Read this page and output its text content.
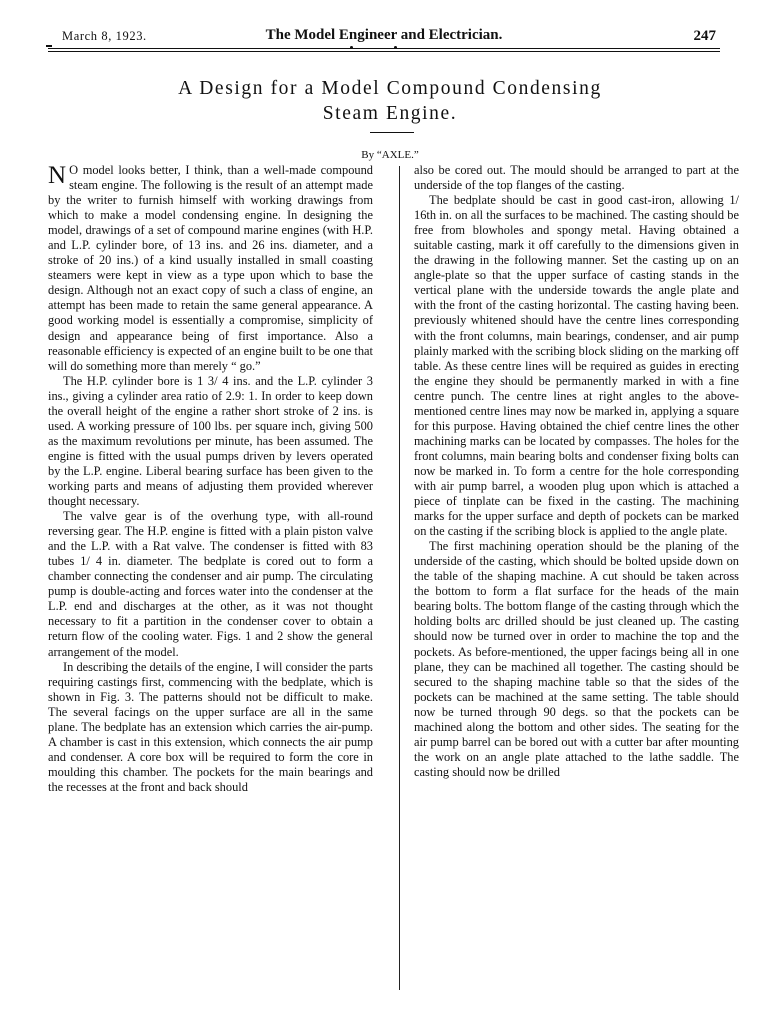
March 8, 1923.	The Model Engineer and Electrician.	247
A Design for a Model Compound Condensing
Steam Engine.
By “AXLE.”

N O model looks better, I think, than a well-made compound steam engine. The following is the result of an attempt made by the writer to furnish himself with working drawings from which to make a model condensing engine. In designing the model, drawings of a set of compound marine engines (with H.P. and L.P. cylinder bore, of 13 ins. and 26 ins. diameter, and a stroke of 20 ins.) of a kind usually installed in small coasting steamers were kept in view as a type upon which to base the design. Although not an exact copy of such a class of engine, an attempt has been made to retain the same general appearance. A good working model is essentially a compromise, simplicity of design and appearance being of first importance. Also a reasonable efficiency is expected of an engine built to be one that will do something more than merely “ go.”

The H.P. cylinder bore is 1 3/ 4 ins. and the L.P. cylinder 3 ins., giving a cylinder area ratio of 2.9: 1. In order to keep down the overall height of the engine a rather short stroke of 2 ins. is used. A working pressure of 100 lbs. per square inch, giving 500 as the maximum revolutions per minute, has been assumed. The engine is fitted with the usual pumps driven by levers operated by the L.P. engine. Liberal bearing surface has been given to the working parts and means of adjusting them provided wherever thought necessary.

The valve gear is of the overhung type, with all-round reversing gear. The H.P. engine is fitted with a plain piston valve and the L.P. with a Rat valve. The condenser is fitted with 83 tubes 1/ 4 in. diameter. The bedplate is cored out to form a chamber connecting the condenser and air pump. The circulating pump is double-acting and forces water into the condenser at the L.P. end and discharges at the other, as it was not thought necessary to fit a partition in the condenser cover to obtain a return flow of the cooling water. Figs. 1 and 2 show the general arrangement of the model.

In describing the details of the engine, I will consider the parts requiring castings first, commencing with the bedplate, which is shown in Fig. 3. The patterns should not be difficult to make. The several facings on the upper surface are all in the same plane. The bedplate has an extension which carries the air-pump. A chamber is cast in this extension, which connects the air pump and condenser. A core box will be required to form the core in moulding this chamber. The pockets for the main bearings and the recesses at the front and back should

also be cored out. The mould should be arranged to part at the underside of the top flanges of the casting.

The bedplate should be cast in good cast-iron, allowing 1/ 16th in. on all the surfaces to be machined. The casting should be free from blowholes and spongy metal. Having obtained a suitable casting, mark it off carefully to the dimensions given in the drawing in the following manner. Set the casting up on an angle-plate so that the upper surface of casting stands in the vertical plane with the underside towards the angle plate and with the front of the casting horizontal. The casting having been. previously whitened should have the centre lines corresponding with the front columns, main bearings, condenser, and air pump plainly marked with the scribing block sliding on the marking off table. As these centre lines will be required as guides in erecting the engine they should be permanently marked in with a fine centre punch. The centre lines at right angles to the above-mentioned centre lines may now be marked in, applying a square for this purpose. Having obtained the chief centre lines the other machining marks can be located by compasses. The holes for the front columns, main bearing bolts and condenser fixing bolts can now be marked in. To form a centre for the hole corresponding with air pump barrel, a wooden plug upon which is attached a piece of tinplate can be fixed in the casting. The machining marks for the upper surface and depth of pockets can be marked on the casting if the scribing block is applied to the angle plate.

The first machining operation should be the planing of the underside of the casting, which should be bolted upside down on the table of the shaping machine. A cut should be taken across the bottom to form a flat surface for the heads of the main bearing bolts. The bottom flange of the casting through which the holding bolts arc drilled should be just cleaned up. The casting should now be turned over in order to machine the top and the pockets. As before-mentioned, the upper facings being all in one plane, they can be machined all together. The casting should be secured to the shaping machine table so that the sides of the pockets can be machined at the same setting. The table should now be turned through 90 degs. so that the pockets can be machined along the bottom and other sides. The seating for the air pump barrel can be bored out with a cutter bar after mounting the work on an angle plate attached to the lathe saddle. The casting should now be drilled
